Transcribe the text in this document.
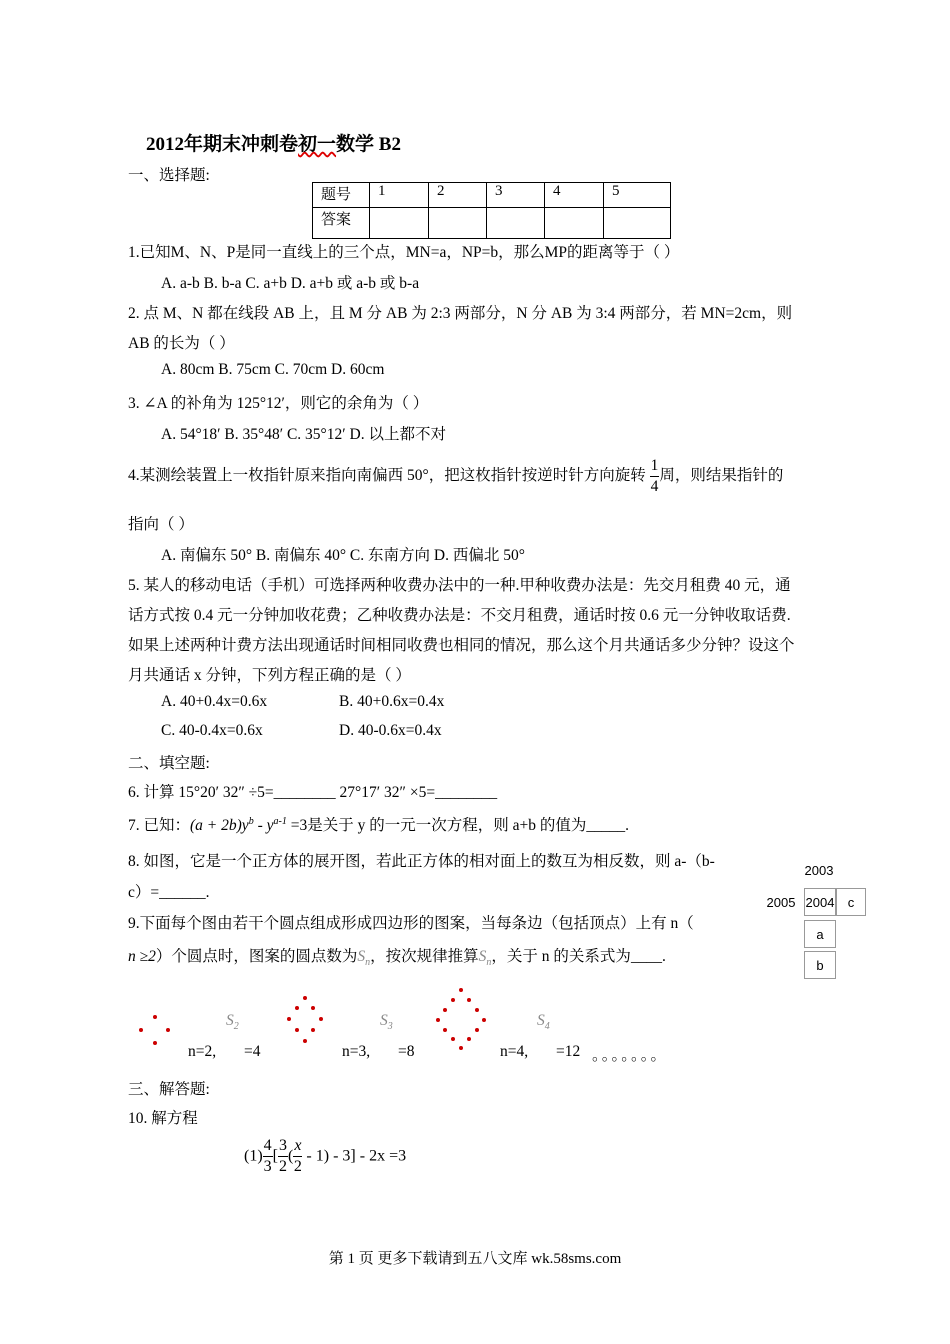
2012年期末冲刺卷初一数学 B2
一、选择题:
题号	1	2	3	4	5
答案					
1.已知M、N、P是同一直线上的三个点，MN=a，NP=b，那么MP的距离等于（ ）
A. a-b B. b-a C. a+b D. a+b 或 a-b 或 b-a
2. 点 M、N 都在线段 AB 上，且 M 分 AB 为 2:3 两部分，N 分 AB 为 3:4 两部分，若 MN=2cm，则
AB 的长为（ ）
A. 80cm B. 75cm C. 70cm D. 60cm
3. ∠A 的补角为 125°12′，则它的余角为（ ）
A. 54°18′ B. 35°48′ C. 35°12′ D. 以上都不对
4.某测绘装置上一枚指针原来指向南偏西 50°，把这枚指针按逆时针方向旋转 $\frac{1}{4}$ 周，则结果指针的
指向（ ）
A. 南偏东 50° B. 南偏东 40° C. 东南方向 D. 西偏北 50°
5. 某人的移动电话（手机）可选择两种收费办法中的一种.甲种收费办法是：先交月租费 40 元，通
话方式按 0.4 元一分钟加收花费；乙种收费办法是：不交月租费，通话时按 0.6 元一分钟收取话费.
如果上述两种计费方法出现通话时间相同收费也相同的情况，那么这个月共通话多少分钟？设这个
月共通话 x 分钟，下列方程正确的是（ ）
A. 40+0.4x=0.6x	B. 40+0.6x=0.4x
C. 40-0.4x=0.6x	D. 40-0.6x=0.4x
二、填空题:
6. 计算 15°20′ 32″ ÷5=________ 27°17′ 32″ ×5=________
7. 已知：$(a + 2b)y^b - y^{a-1} =3$是关于 y 的一元一次方程，则 a+b 的值为_____.
8. 如图，它是一个正方体的展开图，若此正方体的相对面上的数互为相反数，则 a-（b-
c）=______.
2003
2005 2004	c
a
b
9.下面每个图由若干个圆点组成形成四边形的图案，当每条边（包括顶点）上有 n（
n ≥2）个圆点时，图案的圆点数为$S_n$，按次规律推算$S_n$，关于 n 的关系式为____.
$S_2$
n=2, =4
$S_3$
n=3, =8
$S_4$
n=4, =12 。。。。。。。
三、解答题:
10. 解方程
$(1) \frac{4}{3}$ [ $\frac{3}{2}$ ( $\frac{x}{2} - 1) - 3] - 2x =3$
第 1 页 更多下载请到五八文库 wk.58sms.com
